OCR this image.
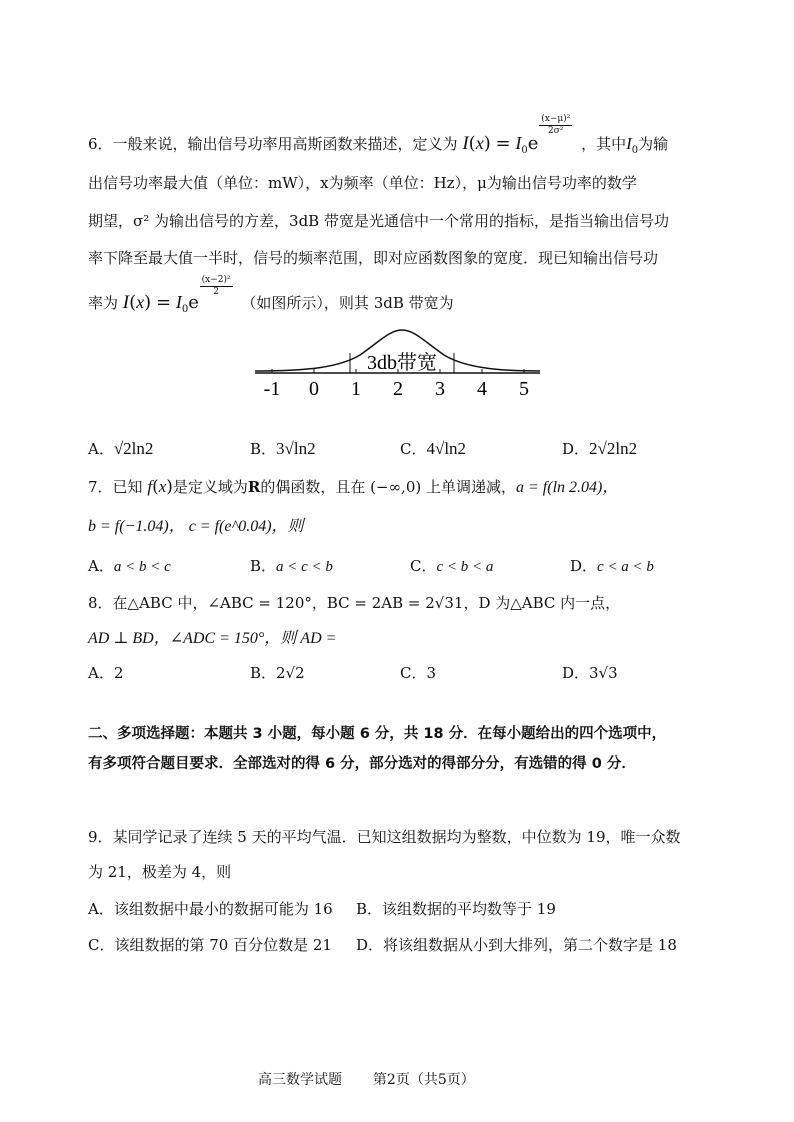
6．一般来说，输出信号功率用高斯函数来描述，定义为 $I(x) = I_0e$
$\frac{\text{(x−μ)²}}{\text{2σ²}}$
，其中$I_0$为输
出信号功率最大值（单位：mW），x为频率（单位：Hz），μ为输出信号功率的数学
期望，σ² 为输出信号的方差，3dB 带宽是光通信中一个常用的指标，是指当输出信号功
率下降至最大值一半时，信号的频率范围，即对应函数图象的宽度．现已知输出信号功
率为 $I(x) = I_0e$
$\frac{\text{(x−2)²}}{2}$
（如图所示），则其 3dB 带宽为
3db带宽
-1 0 1 2 3 4 5
A．√2ln2	B．3√ln2	C．4√ln2	D．2√2ln2
7．已知 f(x)是定义域为R的偶函数，且在 (−∞,0) 上单调递减，a = f(ln 2.04)，
b = f(−1.04)， c = f(e^0.04)，则
A．a < b < c	B．a < c < b	C．c < b < a	D．c < a < b
8．在△ABC 中，∠ABC = 120°，BC = 2AB = 2√31，D 为△ABC 内一点，
AD ⊥ BD，∠ADC = 150°，则 AD =
A．2	B．2√2	C．3	D．3√3
二、多项选择题：本题共 3 小题，每小题 6 分，共 18 分．在每小题给出的四个选项中，
有多项符合题目要求．全部选对的得 6 分，部分选对的得部分分，有选错的得 0 分．
9．某同学记录了连续 5 天的平均气温．已知这组数据均为整数，中位数为 19，唯一众数
为 21，极差为 4，则
A．该组数据中最小的数据可能为 16 B．该组数据的平均数等于 19
C．该组数据的第 70 百分位数是 21 D．将该组数据从小到大排列，第二个数字是 18
高三数学试题 第2页（共5页）
